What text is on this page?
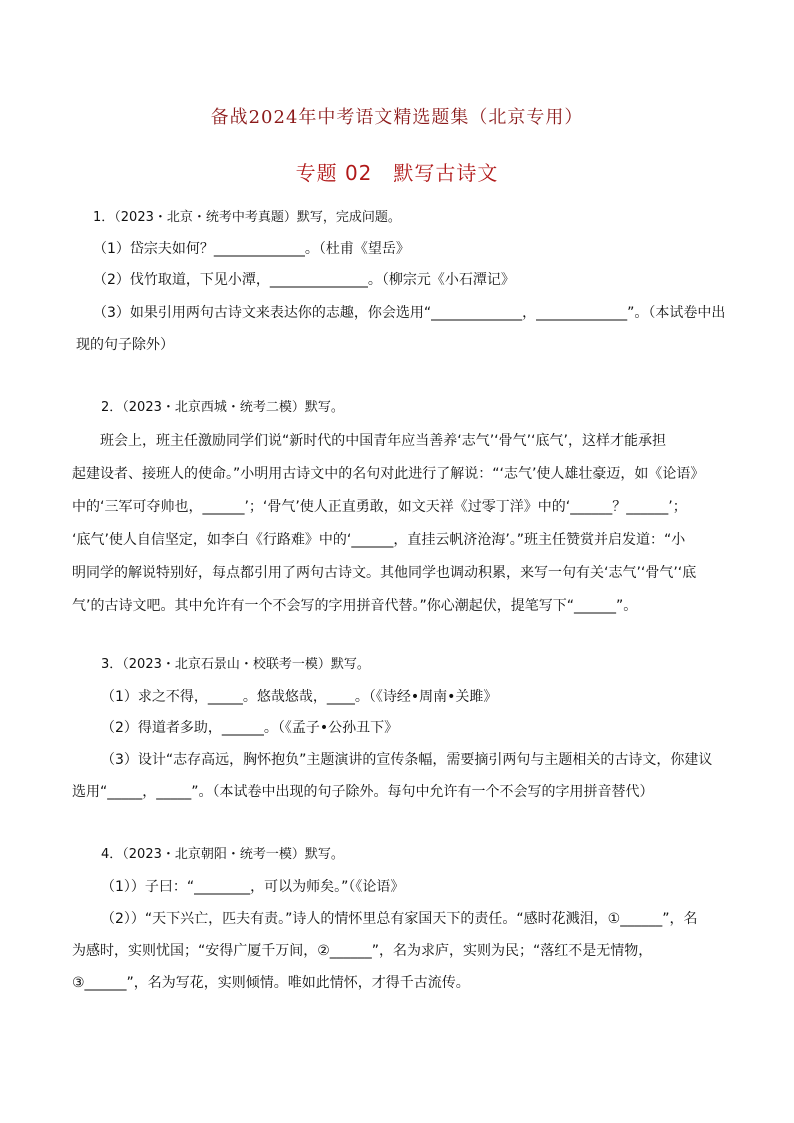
备战2024年中考语文精选题集（北京专用）
专题 02　默写古诗文
1．（2023・北京・统考中考真题）默写，完成问题。
（1）岱宗夫如何？_____________。（杜甫《望岳》
（2）伐竹取道，下见小潭，______________。（柳宗元《小石潭记》
（3）如果引用两句古诗文来表达你的志趣，你会选用“_____________，_____________”。（本试卷中出
现的句子除外）
2．（2023・北京西城・统考二模）默写。
班会上，班主任激励同学们说“新时代的中国青年应当善养‘志气’‘骨气’‘底气’，这样才能承担
起建设者、接班人的使命。”小明用古诗文中的名句对此进行了解说：“‘志气’使人雄壮豪迈，如《论语》
中的‘三军可夺帅也，______’；‘骨气’使人正直勇敢，如文天祥《过零丁洋》中的‘______？______’；
‘底气’使人自信坚定，如李白《行路难》中的‘______，直挂云帆济沧海’。”班主任赞赏并启发道：“小
明同学的解说特别好，每点都引用了两句古诗文。其他同学也调动积累，来写一句有关‘志气’‘骨气’‘底
气’的古诗文吧。其中允许有一个不会写的字用拼音代替。”你心潮起伏，提笔写下“______”。
3．（2023・北京石景山・校联考一模）默写。
（1）求之不得，_____。悠哉悠哉，____。（《诗经•周南•关雎》
（2）得道者多助，______。（《孟子•公孙丑下》
（3）设计“志存高远，胸怀抱负”主题演讲的宣传条幅，需要摘引两句与主题相关的古诗文，你建议
选用“_____，_____”。（本试卷中出现的句子除外。每句中允许有一个不会写的字用拼音替代）
4．（2023・北京朝阳・统考一模）默写。
（1））子曰：“________，可以为师矣。”（《论语》
（2））“天下兴亡，匹夫有责。”诗人的情怀里总有家国天下的责任。“感时花溅泪，①______”，名
为感时，实则忧国；“安得广厦千万间，②______”，名为求庐，实则为民；“落红不是无情物，
③______”，名为写花，实则倾情。唯如此情怀，才得千古流传。
